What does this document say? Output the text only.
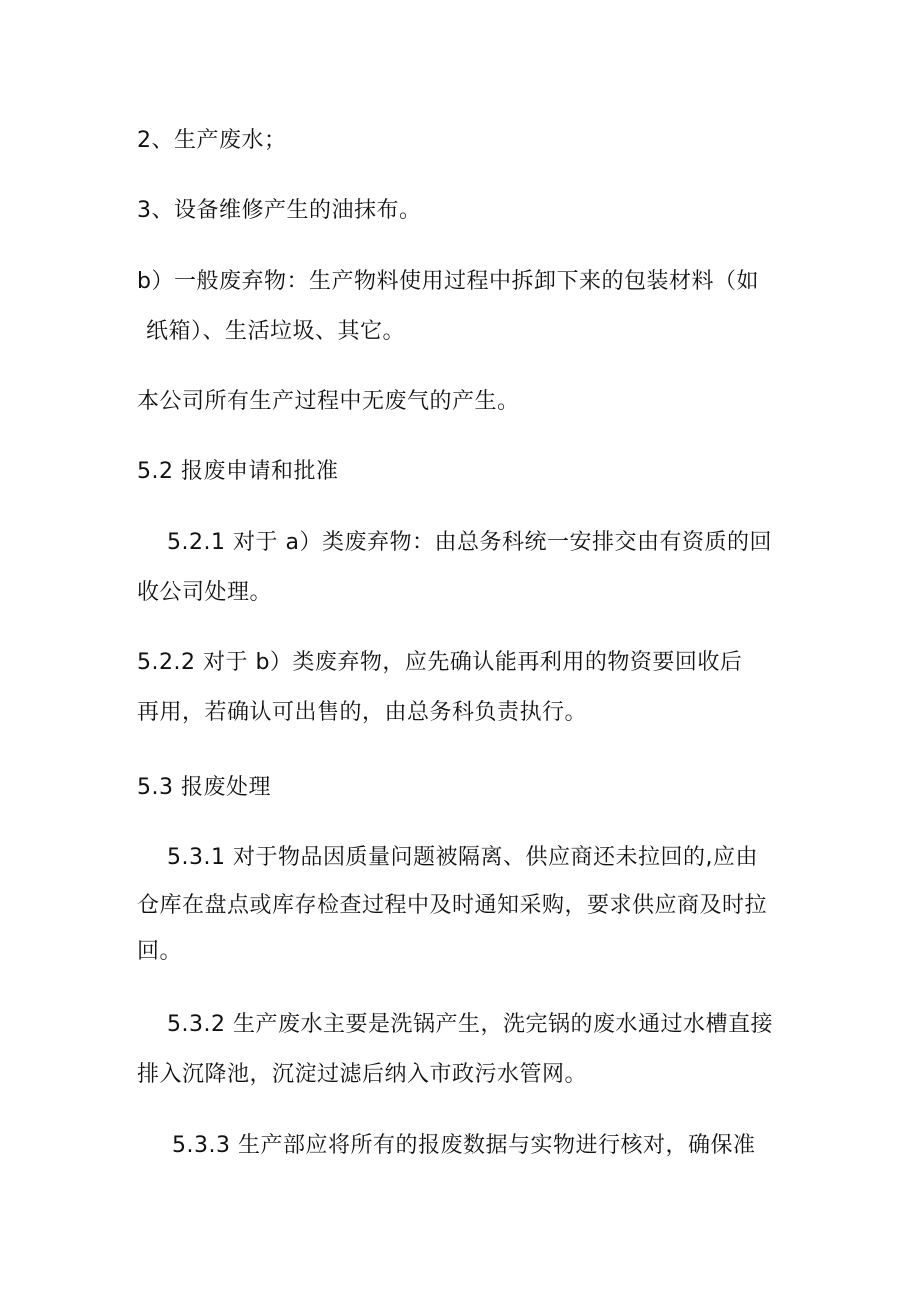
2、生产废水；
3、设备维修产生的油抹布。
b）一般废弃物：生产物料使用过程中拆卸下来的包装材料（如
纸箱）、生活垃圾、其它。
本公司所有生产过程中无废气的产生。
5.2 报废申请和批准
5.2.1 对于 a）类废弃物：由总务科统一安排交由有资质的回
收公司处理。
5.2.2 对于 b）类废弃物，应先确认能再利用的物资要回收后
再用，若确认可出售的，由总务科负责执行。
5.3 报废处理
5.3.1 对于物品因质量问题被隔离、供应商还未拉回的,应由
仓库在盘点或库存检查过程中及时通知采购，要求供应商及时拉
回。
5.3.2 生产废水主要是洗锅产生，洗完锅的废水通过水槽直接
排入沉降池，沉淀过滤后纳入市政污水管网。
5.3.3 生产部应将所有的报废数据与实物进行核对，确保准
